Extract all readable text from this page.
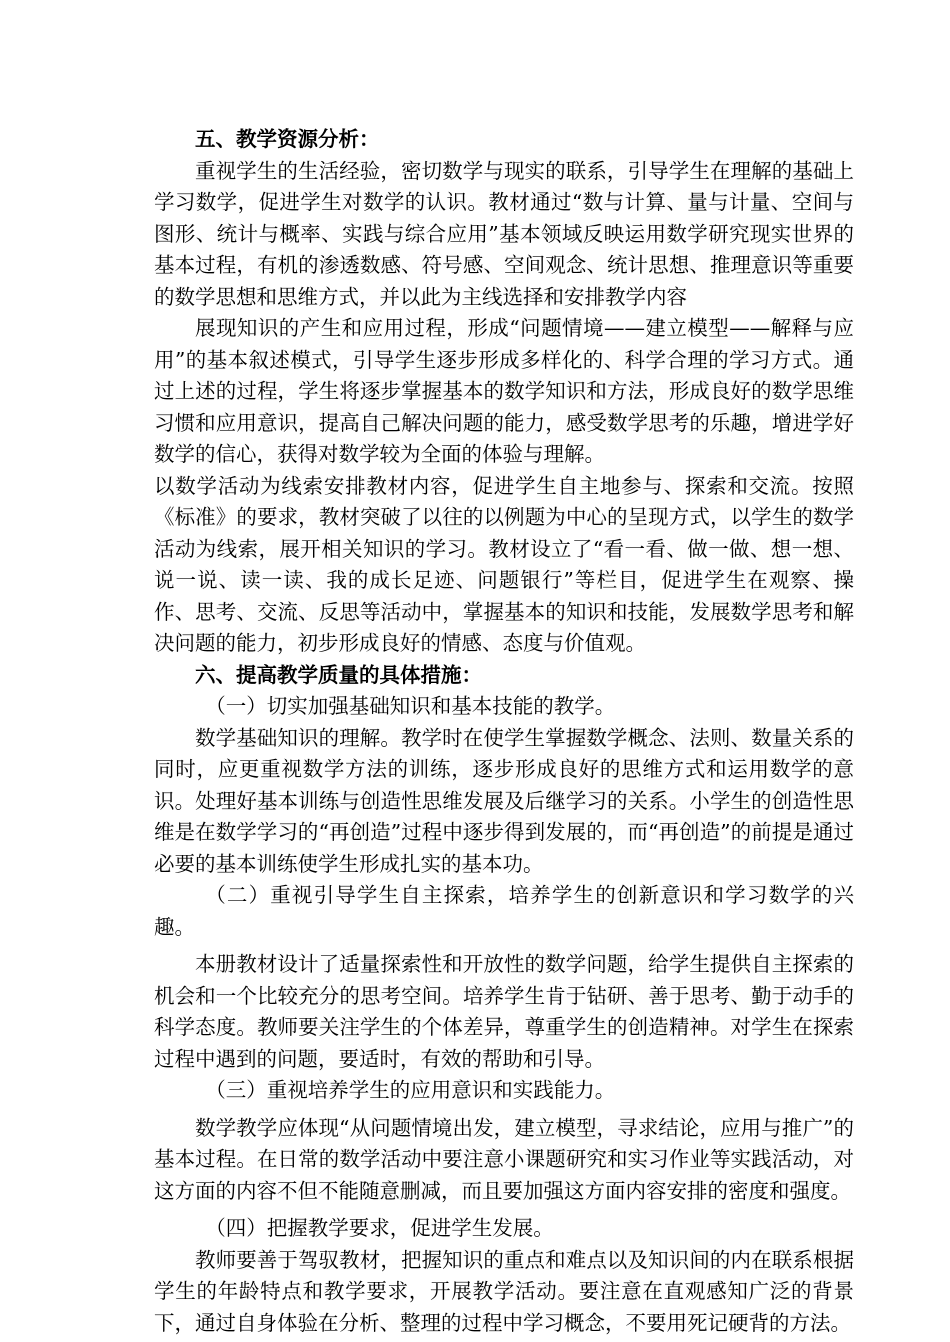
五、教学资源分析：

重视学生的生活经验，密切数学与现实的联系，引导学生在理解的基础上学习数学，促进学生对数学的认识。教材通过“数与计算、量与计量、空间与图形、统计与概率、实践与综合应用”基本领域反映运用数学研究现实世界的基本过程，有机的渗透数感、符号感、空间观念、统计思想、推理意识等重要的数学思想和思维方式，并以此为主线选择和安排教学内容

展现知识的产生和应用过程，形成“问题情境——建立模型——解释与应用”的基本叙述模式，引导学生逐步形成多样化的、科学合理的学习方式。通过上述的过程，学生将逐步掌握基本的数学知识和方法，形成良好的数学思维习惯和应用意识，提高自己解决问题的能力，感受数学思考的乐趣，增进学好数学的信心，获得对数学较为全面的体验与理解。

以数学活动为线索安排教材内容，促进学生自主地参与、探索和交流。按照《标准》的要求，教材突破了以往的以例题为中心的呈现方式，以学生的数学活动为线索，展开相关知识的学习。教材设立了“看一看、做一做、想一想、说一说、读一读、我的成长足迹、问题银行”等栏目，促进学生在观察、操作、思考、交流、反思等活动中，掌握基本的知识和技能，发展数学思考和解决问题的能力，初步形成良好的情感、态度与价值观。

六、提高教学质量的具体措施：

（一）切实加强基础知识和基本技能的教学。

数学基础知识的理解。教学时在使学生掌握数学概念、法则、数量关系的同时，应更重视数学方法的训练，逐步形成良好的思维方式和运用数学的意识。处理好基本训练与创造性思维发展及后继学习的关系。小学生的创造性思维是在数学学习的“再创造”过程中逐步得到发展的，而“再创造”的前提是通过必要的基本训练使学生形成扎实的基本功。

（二）重视引导学生自主探索，培养学生的创新意识和学习数学的兴趣。

本册教材设计了适量探索性和开放性的数学问题，给学生提供自主探索的机会和一个比较充分的思考空间。培养学生肯于钻研、善于思考、勤于动手的科学态度。教师要关注学生的个体差异，尊重学生的创造精神。对学生在探索过程中遇到的问题，要适时，有效的帮助和引导。

（三）重视培养学生的应用意识和实践能力。

数学教学应体现“从问题情境出发，建立模型，寻求结论，应用与推广”的基本过程。在日常的数学活动中要注意小课题研究和实习作业等实践活动，对这方面的内容不但不能随意删减，而且要加强这方面内容安排的密度和强度。

（四）把握教学要求，促进学生发展。

教师要善于驾驭教材，把握知识的重点和难点以及知识间的内在联系根据学生的年龄特点和教学要求，开展教学活动。要注意在直观感知广泛的背景下，通过自身体验在分析、整理的过程中学习概念，不要用死记硬背的方法。
